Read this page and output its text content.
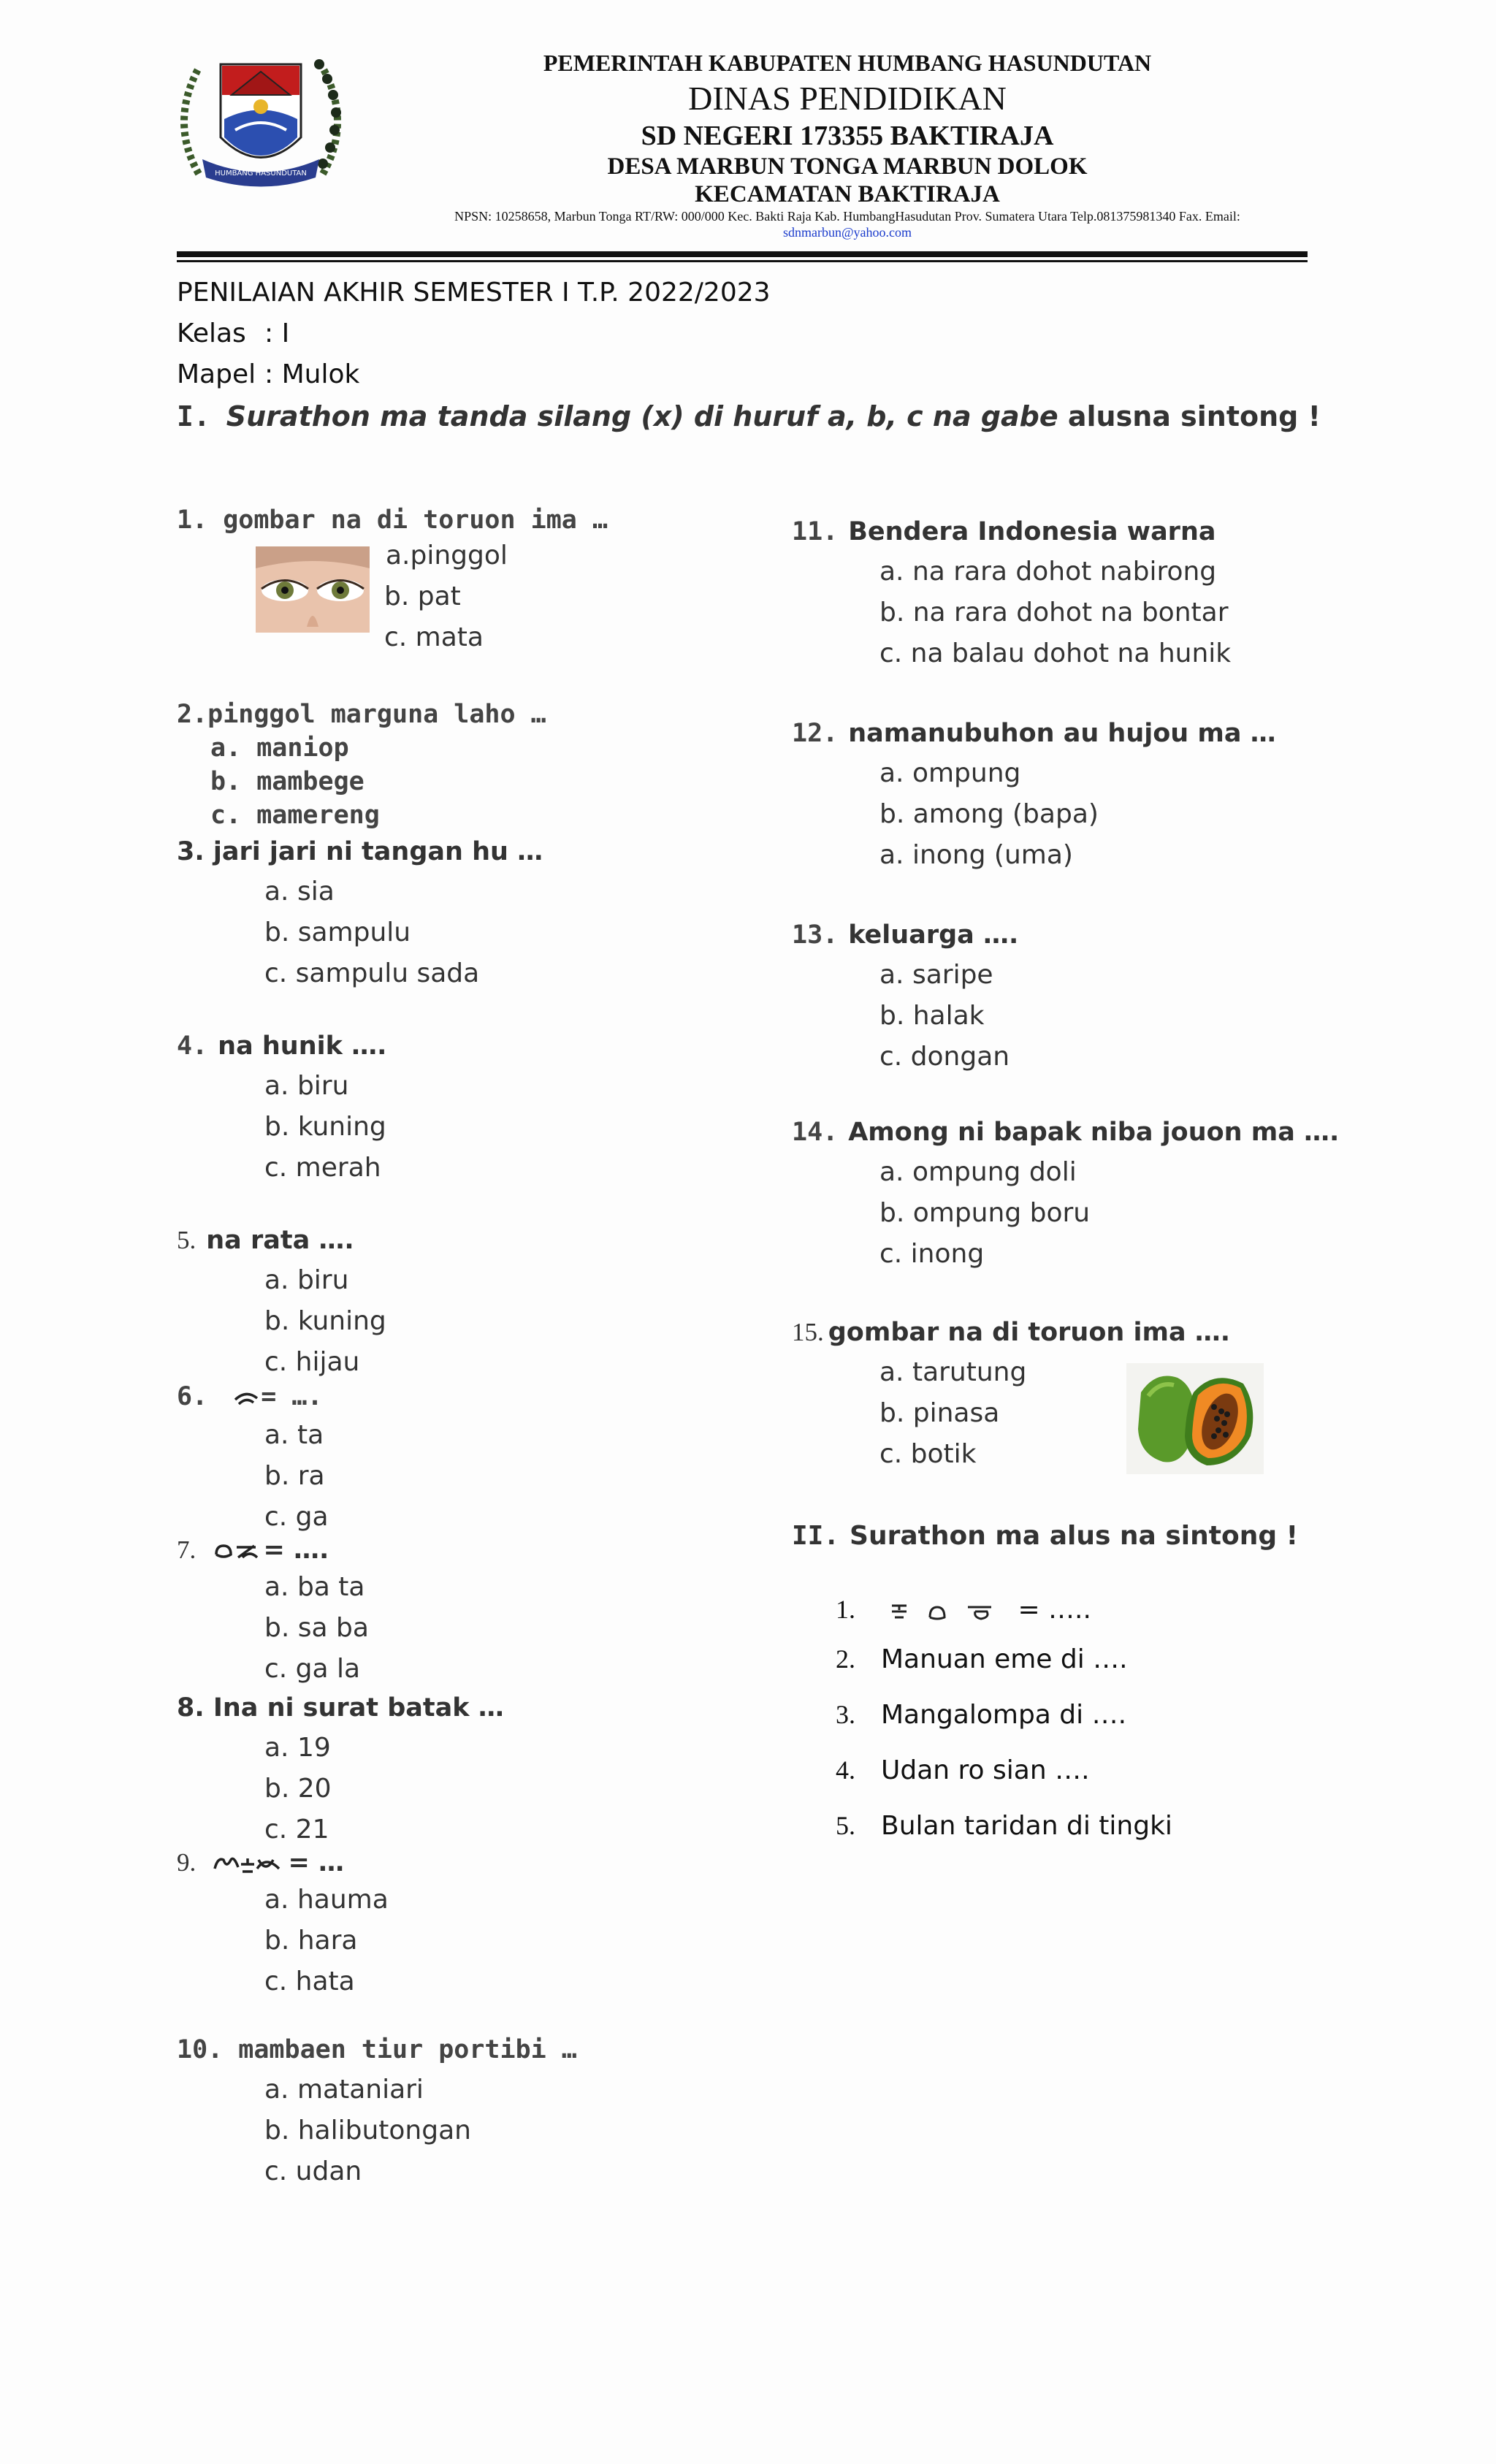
HUMBANG HASUNDUTAN
PEMERINTAH KABUPATEN HUMBANG HASUNDUTAN
DINAS PENDIDIKAN
SD NEGERI 173355 BAKTIRAJA
DESA MARBUN TONGA MARBUN DOLOK
KECAMATAN BAKTIRAJA
NPSN: 10258658, Marbun Tonga RT/RW: 000/000 Kec. Bakti Raja Kab. HumbangHasudutan Prov. Sumatera Utara Telp.081375981340 Fax. Email:
sdnmarbun@yahoo.com
PENILAIAN AKHIR SEMESTER I T.P. 2022/2023
Kelas : I
Mapel : Mulok
I. Surathon ma tanda silang (x) di huruf a, b, c na gabe alusna sintong !
1. gombar na di toruon ima …
a.pinggol
b. pat
c. mata
2.pinggol marguna laho …
a. maniop
b. mambege
c. mamereng
3. jari jari ni tangan hu …
a. sia
b. sampulu
c. sampulu sada
4. na hunik ….
a. biru
b. kuning
c. merah
5. na rata ….
a. biru
b. kuning
c. hijau
6. = ….
a. ta
b. ra
c. ga
7.	= ….
a. ba ta
b. sa ba
c. ga la
8. Ina ni surat batak …
a. 19
b. 20
c. 21
9.	= …
a. hauma
b. hara
c. hata
10. mambaen tiur portibi …
a. mataniari
b. halibutongan
c. udan
11. Bendera Indonesia warna
a. na rara dohot nabirong
b. na rara dohot na bontar
c. na balau dohot na hunik
12. namanubuhon au hujou ma …
a. ompung
b. among (bapa)
a. inong (uma)
13. keluarga ….
a. saripe
b. halak
c. dongan
14. Among ni bapak niba jouon ma ….
a. ompung doli
b. ompung boru
c. inong
15. gombar na di toruon ima ….
a. tarutung
b. pinasa
c. botik
II. Surathon ma alus na sintong !
1.	= …..
2. Manuan eme di ….
3. Mangalompa di ….
4. Udan ro sian ….
5. Bulan taridan di tingki
